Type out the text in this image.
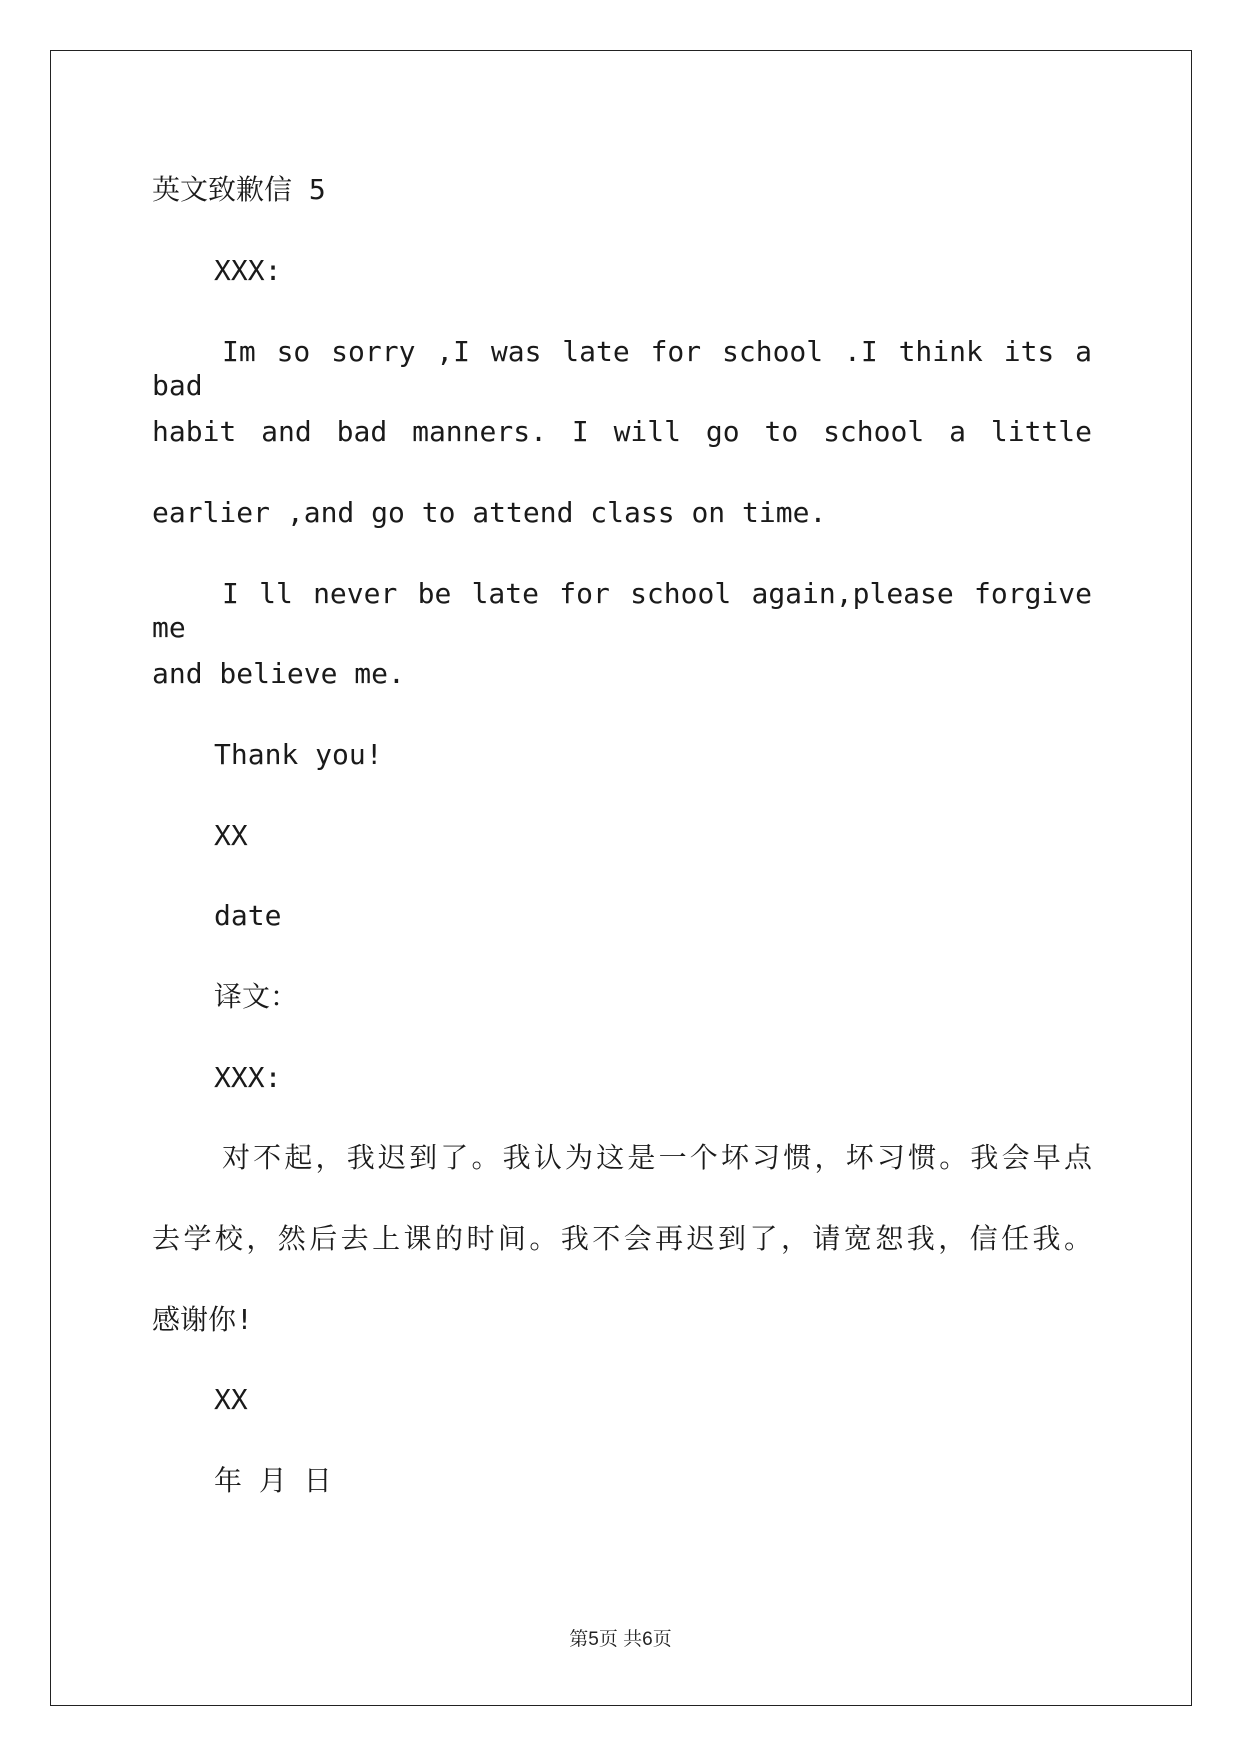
英文致歉信 5
XXX:
Im so sorry ,I was late for school .I think its a bad
habit and bad manners. I will go to school a little
earlier ,and go to attend class on time.
I ll never be late for school again,please forgive me
and believe me.
Thank you!
XX
date
译文：
XXX:
对不起，我迟到了。我认为这是一个坏习惯，坏习惯。我会早点
去学校，然后去上课的时间。我不会再迟到了，请宽恕我，信任我。
感谢你!
XX
年 月 日
第5页 共6页
